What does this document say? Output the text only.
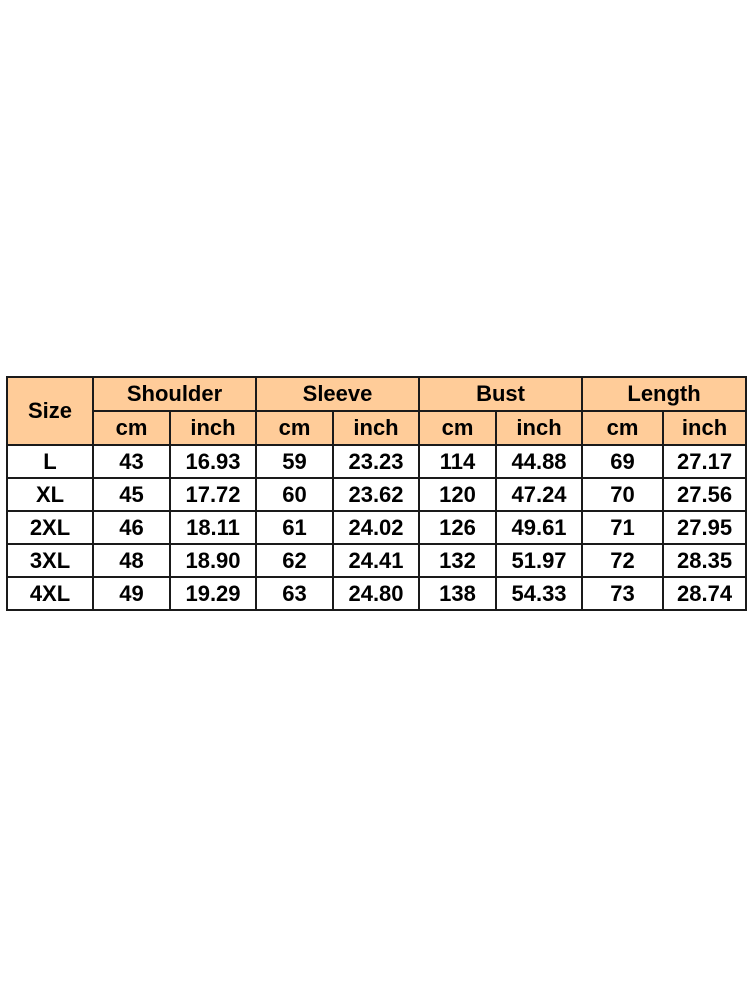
Size	Shoulder		Sleeve		Bust		Length	
	cm	inch	cm	inch	cm	inch	cm	inch
L	43	16.93	59	23.23	114	44.88	69	27.17
XL	45	17.72	60	23.62	120	47.24	70	27.56
2XL	46	18.11	61	24.02	126	49.61	71	27.95
3XL	48	18.90	62	24.41	132	51.97	72	28.35
4XL	49	19.29	63	24.80	138	54.33	73	28.74
